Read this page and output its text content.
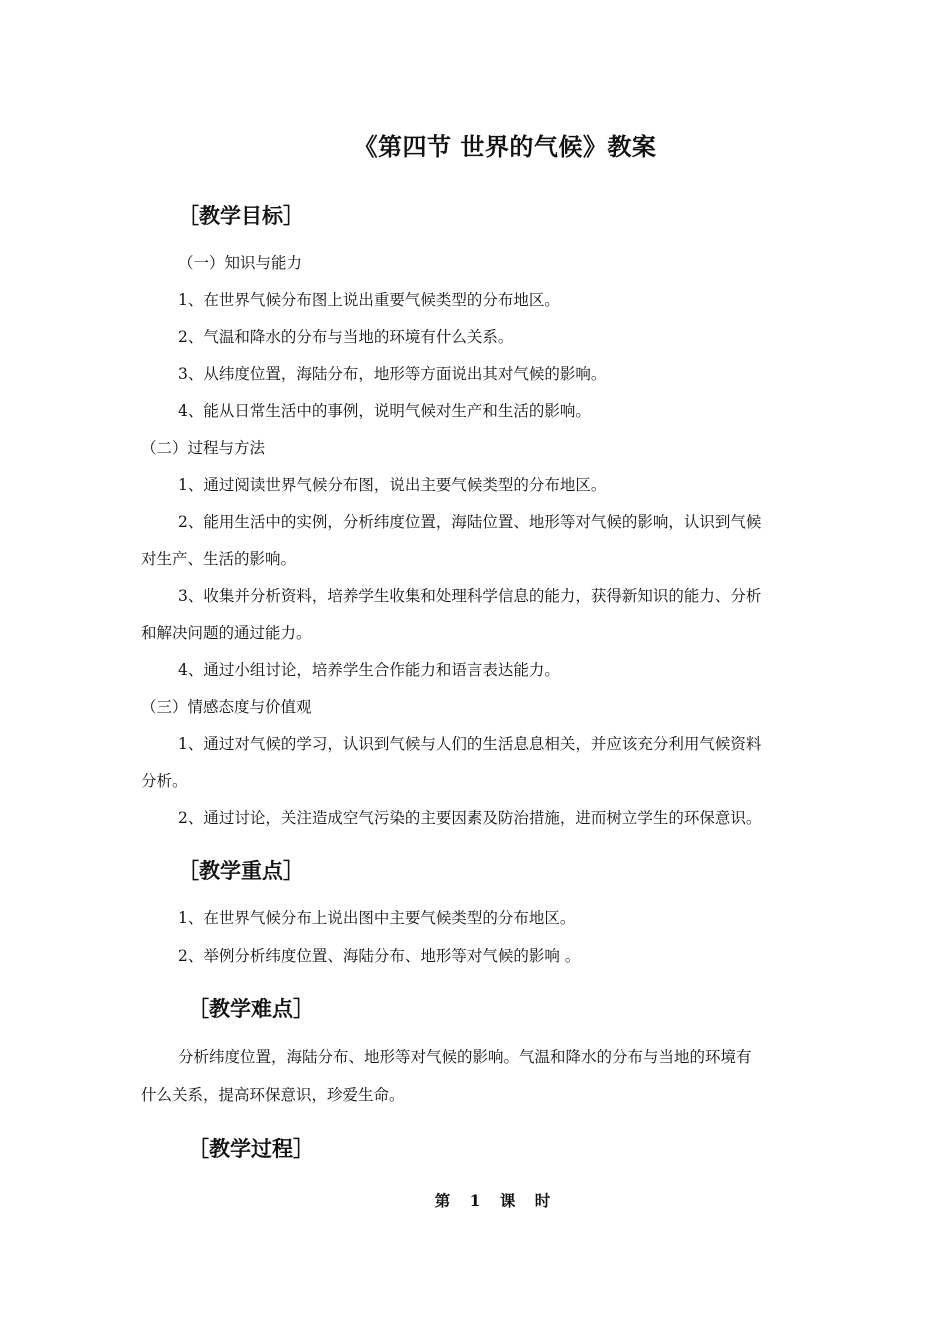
《第四节 世界的气候》教案
［教学目标］
（一）知识与能力
1、在世界气候分布图上说出重要气候类型的分布地区。
2、气温和降水的分布与当地的环境有什么关系。
3、从纬度位置，海陆分布，地形等方面说出其对气候的影响。
4、能从日常生活中的事例，说明气候对生产和生活的影响。
（二）过程与方法
1、通过阅读世界气候分布图，说出主要气候类型的分布地区。
2、能用生活中的实例，分析纬度位置，海陆位置、地形等对气候的影响，认识到气候
对生产、生活的影响。
3、收集并分析资料，培养学生收集和处理科学信息的能力，获得新知识的能力、分析
和解决问题的通过能力。
4、通过小组讨论，培养学生合作能力和语言表达能力。
（三）情感态度与价值观
1、通过对气候的学习，认识到气候与人们的生活息息相关，并应该充分利用气候资料
分析。
2、通过讨论，关注造成空气污染的主要因素及防治措施，进而树立学生的环保意识。
［教学重点］
1、在世界气候分布上说出图中主要气候类型的分布地区。
2、举例分析纬度位置、海陆分布、地形等对气候的影响 。
［教学难点］
分析纬度位置，海陆分布、地形等对气候的影响。气温和降水的分布与当地的环境有
什么关系，提高环保意识，珍爱生命。
［教学过程］
第 1 课 时
